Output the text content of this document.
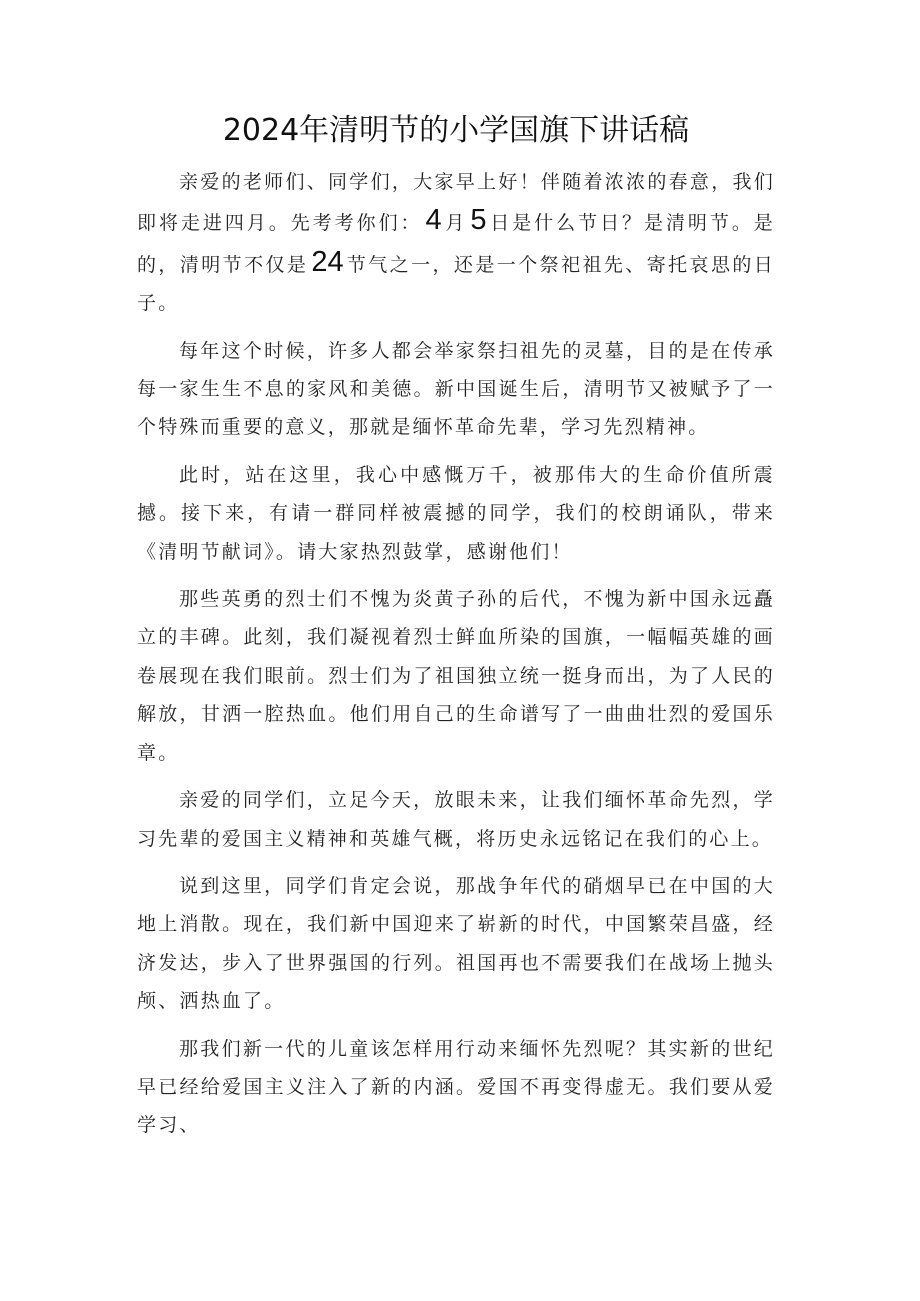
2024年清明节的小学国旗下讲话稿

亲爱的老师们、同学们，大家早上好！伴随着浓浓的春意，我们即将走进四月。先考考你们： 4 月 5 日是什么节日？是清明节。是的，清明节不仅是 24 节气之一，还是一个祭祀祖先、寄托哀思的日子。

每年这个时候，许多人都会举家祭扫祖先的灵墓，目的是在传承每一家生生不息的家风和美德。新中国诞生后，清明节又被赋予了一个特殊而重要的意义，那就是缅怀革命先辈，学习先烈精神。

此时，站在这里，我心中感慨万千，被那伟大的生命价值所震撼。接下来，有请一群同样被震撼的同学，我们的校朗诵队，带来《清明节献词》。请大家热烈鼓掌，感谢他们！

那些英勇的烈士们不愧为炎黄子孙的后代，不愧为新中国永远矗立的丰碑。此刻，我们凝视着烈士鲜血所染的国旗，一幅幅英雄的画卷展现在我们眼前。烈士们为了祖国独立统一挺身而出，为了人民的解放，甘洒一腔热血。他们用自己的生命谱写了一曲曲壮烈的爱国乐章。

亲爱的同学们，立足今天，放眼未来，让我们缅怀革命先烈，学习先辈的爱国主义精神和英雄气概，将历史永远铭记在我们的心上。

说到这里，同学们肯定会说，那战争年代的硝烟早已在中国的大地上消散。现在，我们新中国迎来了崭新的时代，中国繁荣昌盛，经济发达，步入了世界强国的行列。祖国再也不需要我们在战场上抛头颅、洒热血了。

那我们新一代的儿童该怎样用行动来缅怀先烈呢？其实新的世纪早已经给爱国主义注入了新的内涵。爱国不再变得虚无。我们要从爱学习、
